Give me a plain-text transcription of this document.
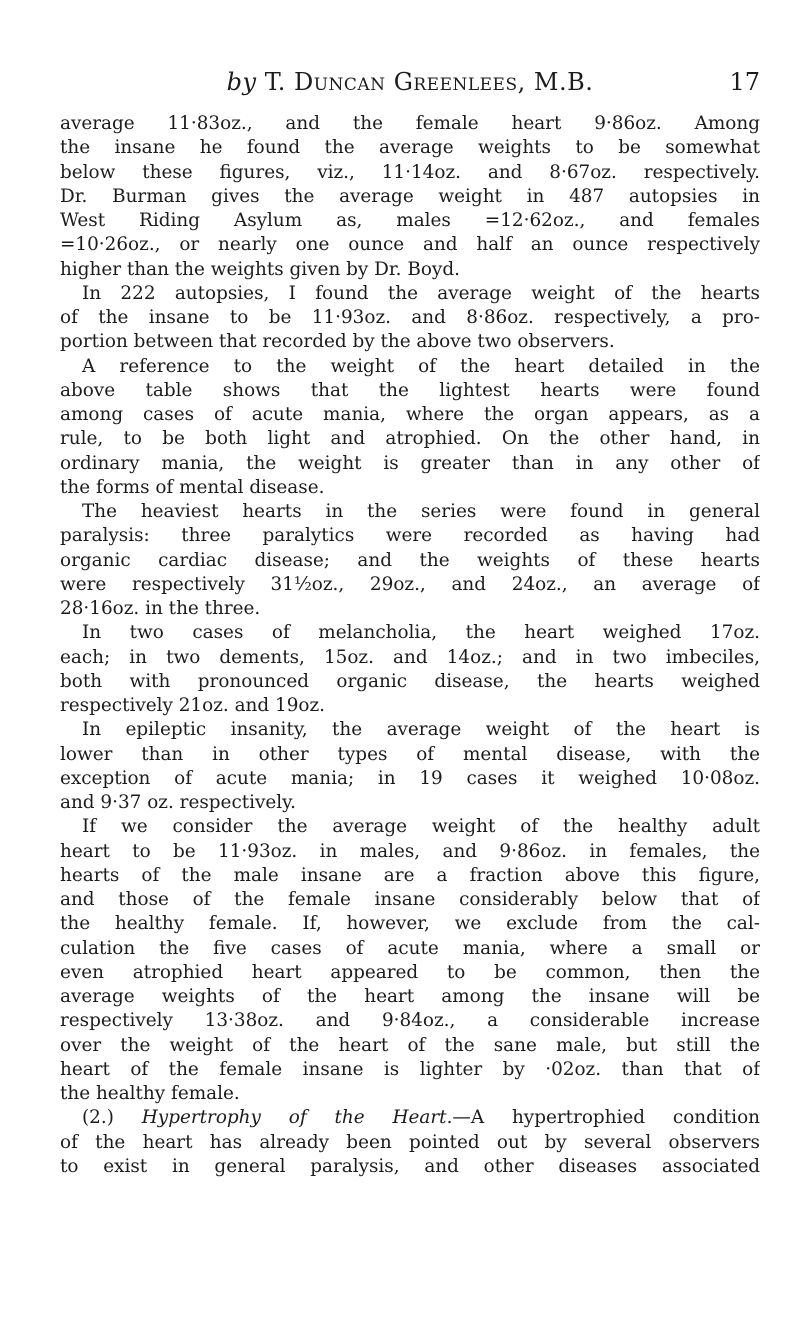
by T. Duncan Greenlees, M.B.	17
average 11·83oz., and the female heart 9·86oz. Among
the insane he found the average weights to be somewhat
below these figures, viz., 11·14oz. and 8·67oz. respectively.
Dr. Burman gives the average weight in 487 autopsies in
West Riding Asylum as, males =12·62oz., and females
=10·26oz., or nearly one ounce and half an ounce respectively
higher than the weights given by Dr. Boyd.
In 222 autopsies, I found the average weight of the hearts
of the insane to be 11·93oz. and 8·86oz. respectively, a pro-
portion between that recorded by the above two observers.
A reference to the weight of the heart detailed in the
above table shows that the lightest hearts were found
among cases of acute mania, where the organ appears, as a
rule, to be both light and atrophied. On the other hand, in
ordinary mania, the weight is greater than in any other of
the forms of mental disease.
The heaviest hearts in the series were found in general
paralysis: three paralytics were recorded as having had
organic cardiac disease; and the weights of these hearts
were respectively 31½oz., 29oz., and 24oz., an average of
28·16oz. in the three.
In two cases of melancholia, the heart weighed 17oz.
each; in two dements, 15oz. and 14oz.; and in two imbeciles,
both with pronounced organic disease, the hearts weighed
respectively 21oz. and 19oz.
In epileptic insanity, the average weight of the heart is
lower than in other types of mental disease, with the
exception of acute mania; in 19 cases it weighed 10·08oz.
and 9·37 oz. respectively.
If we consider the average weight of the healthy adult
heart to be 11·93oz. in males, and 9·86oz. in females, the
hearts of the male insane are a fraction above this figure,
and those of the female insane considerably below that of
the healthy female. If, however, we exclude from the cal-
culation the five cases of acute mania, where a small or
even atrophied heart appeared to be common, then the
average weights of the heart among the insane will be
respectively 13·38oz. and 9·84oz., a considerable increase
over the weight of the heart of the sane male, but still the
heart of the female insane is lighter by ·02oz. than that of
the healthy female.
(2.) Hypertrophy of the Heart.—A hypertrophied condition
of the heart has already been pointed out by several observers
to exist in general paralysis, and other diseases associated
